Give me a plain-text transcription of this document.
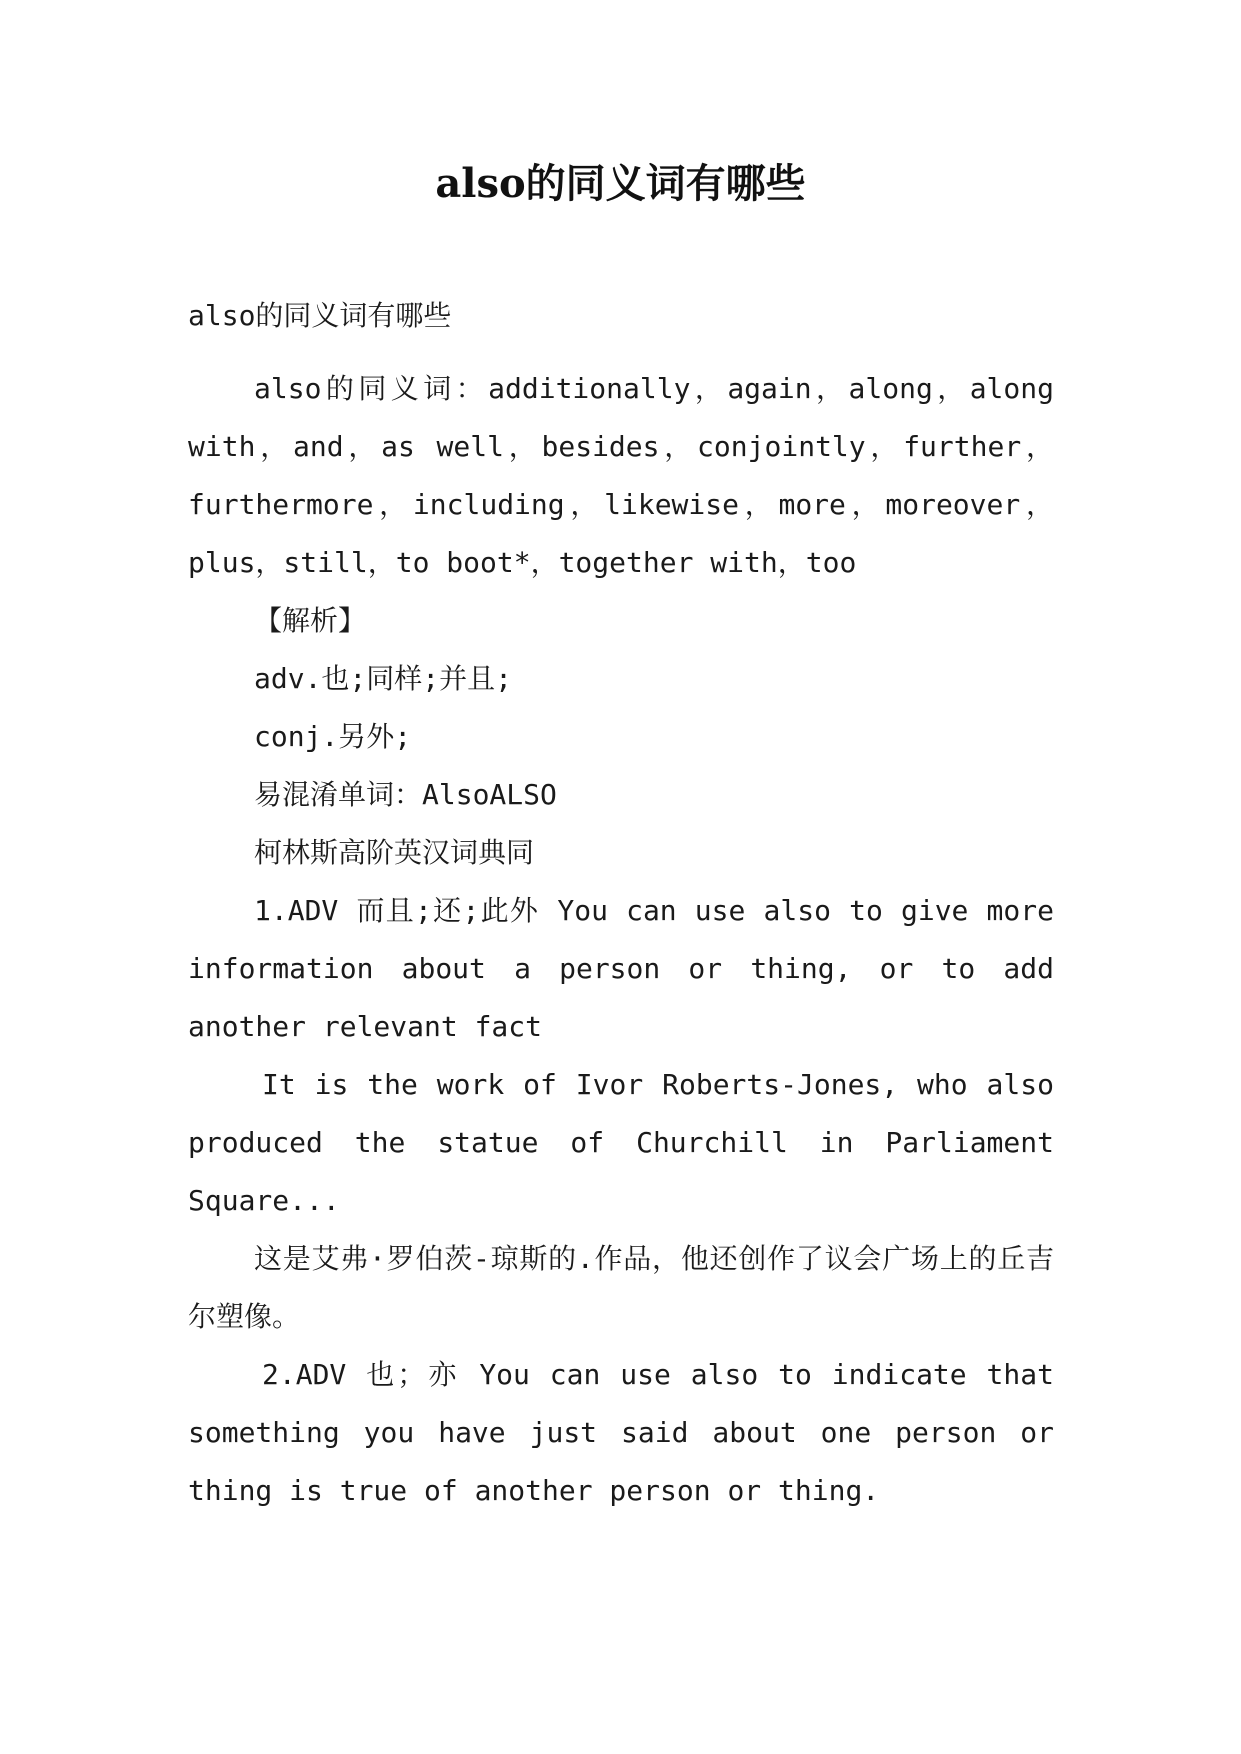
also的同义词有哪些
also的同义词有哪些

also的同义词：additionally，again，along，along with，and，as well，besides，conjointly，further，furthermore，including，likewise，more，moreover，plus，still，to boot*，together with，too

【解析】

adv.也;同样;并且;

conj.另外;

易混淆单词：AlsoALSO

柯林斯高阶英汉词典同

1.ADV 而且;还;此外 You can use also to give more information about a person or thing, or to add another relevant fact

It is the work of Ivor Roberts-Jones, who also produced the statue of Churchill in Parliament Square...

这是艾弗·罗伯茨-琼斯的.作品，他还创作了议会广场上的丘吉尔塑像。

2.ADV 也；亦 You can use also to indicate that something you have just said about one person or thing is true of another person or thing.
